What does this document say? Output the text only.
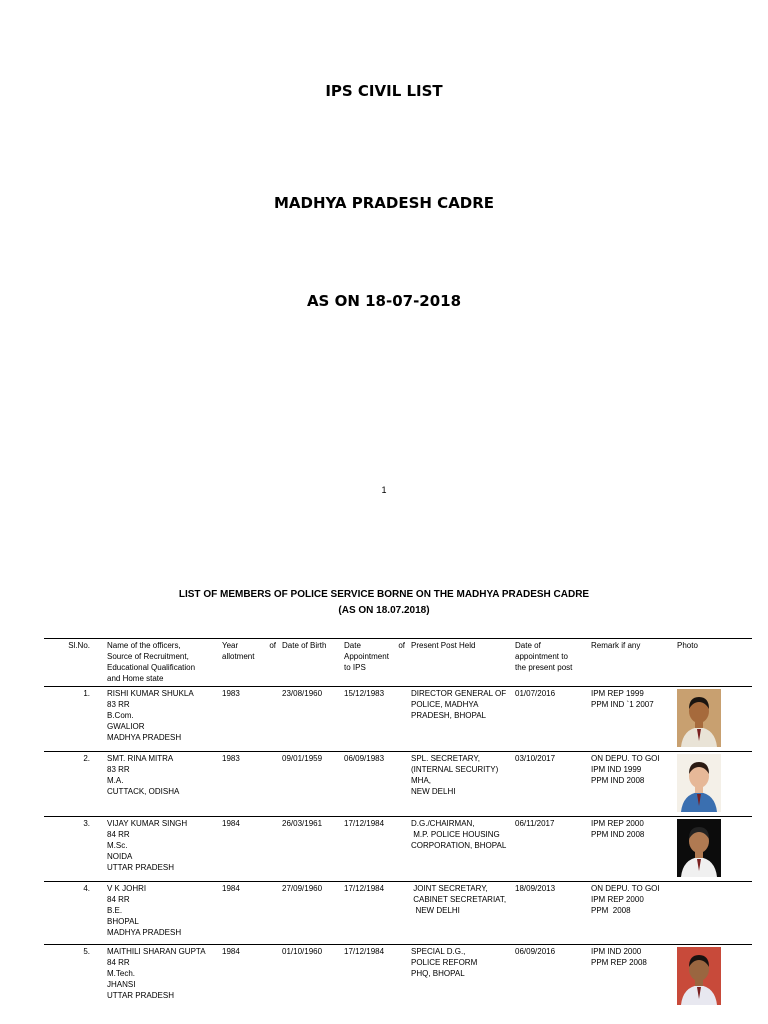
IPS CIVIL LIST
MADHYA PRADESH CADRE
AS ON 18-07-2018
1
LIST OF MEMBERS OF POLICE SERVICE BORNE ON THE MADHYA PRADESH CADRE
(AS ON 18.07.2018)
Sl.No.	Name of the officers,
Source of Recruitment,
Educational Qualification
and Home state	Year of
allotment	Date of Birth	Date of
Appointment
to IPS	Present Post Held	Date of
appointment to
the present post	Remark if any	Photo
1.	RISHI KUMAR SHUKLA
83 RR
B.Com.
GWALIOR
MADHYA PRADESH	1983	23/08/1960	15/12/1983	DIRECTOR GENERAL OF
POLICE, MADHYA
PRADESH, BHOPAL	01/07/2016	IPM REP 1999
PPM IND `1 2007

2.	SMT. RINA MITRA
83 RR
M.A.
CUTTACK, ODISHA	1983	09/01/1959	06/09/1983	SPL. SECRETARY,
(INTERNAL SECURITY)
MHA,
NEW DELHI	03/10/2017	ON DEPU. TO GOI
IPM IND 1999
PPM IND 2008

3.	VIJAY KUMAR SINGH
84 RR
M.Sc.
NOIDA
UTTAR PRADESH	1984	26/03/1961	17/12/1984	D.G./CHAIRMAN,
M.P. POLICE HOUSING
CORPORATION, BHOPAL	06/11/2017	IPM REP 2000
PPM IND 2008

4.	V K JOHRI
84 RR
B.E.
BHOPAL
MADHYA PRADESH	1984	27/09/1960	17/12/1984	JOINT SECRETARY,
CABINET SECRETARIAT,
NEW DELHI	18/09/2013	ON DEPU. TO GOI
IPM REP 2000
PPM  2008	

5.	MAITHILI SHARAN GUPTA
84 RR
M.Tech.
JHANSI
UTTAR PRADESH	1984	01/10/1960	17/12/1984	SPECIAL D.G.,
POLICE REFORM
PHQ, BHOPAL	06/09/2016	IPM IND 2000
PPM REP 2008
